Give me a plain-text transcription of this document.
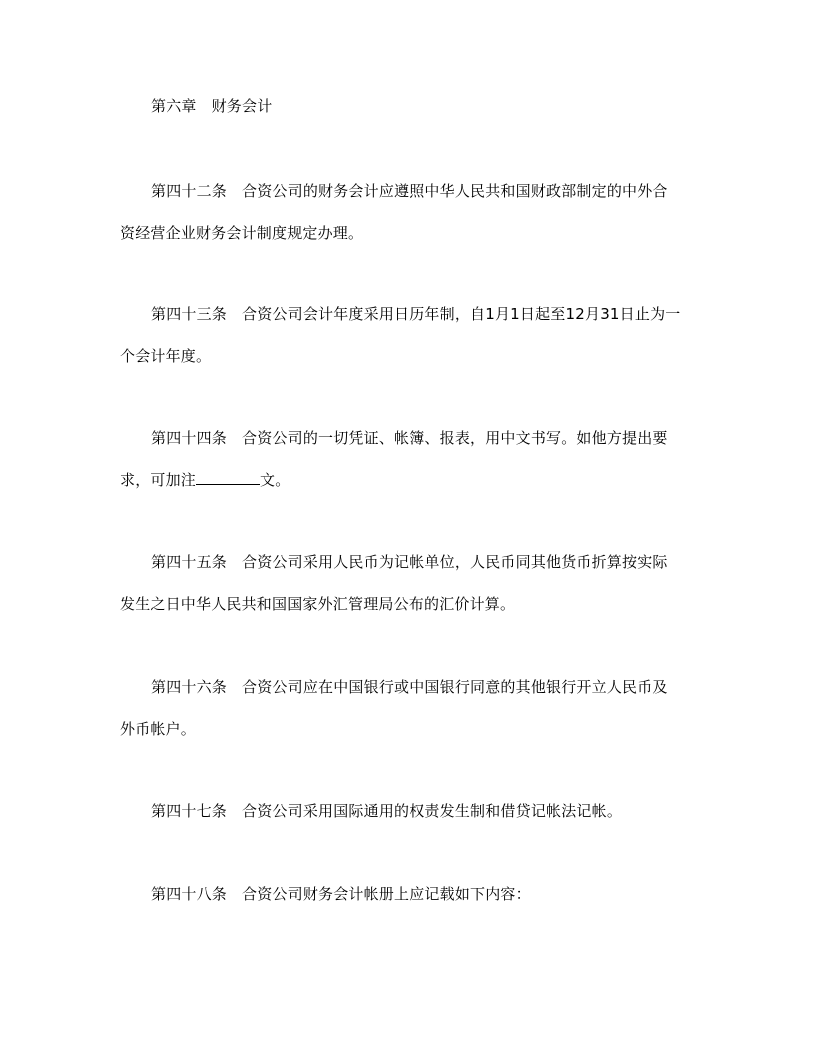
第六章 财务会计
第四十二条 合资公司的财务会计应遵照中华人民共和国财政部制定的中外合
资经营企业财务会计制度规定办理。
第四十三条 合资公司会计年度采用日历年制，自1月1日起至12月31日止为一
个会计年度。
第四十四条 合资公司的一切凭证、帐簿、报表，用中文书写。如他方提出要
求，可加注	文。
第四十五条 合资公司采用人民币为记帐单位，人民币同其他货币折算按实际
发生之日中华人民共和国国家外汇管理局公布的汇价计算。
第四十六条 合资公司应在中国银行或中国银行同意的其他银行开立人民币及
外币帐户。
第四十七条 合资公司采用国际通用的权责发生制和借贷记帐法记帐。
第四十八条 合资公司财务会计帐册上应记载如下内容：
